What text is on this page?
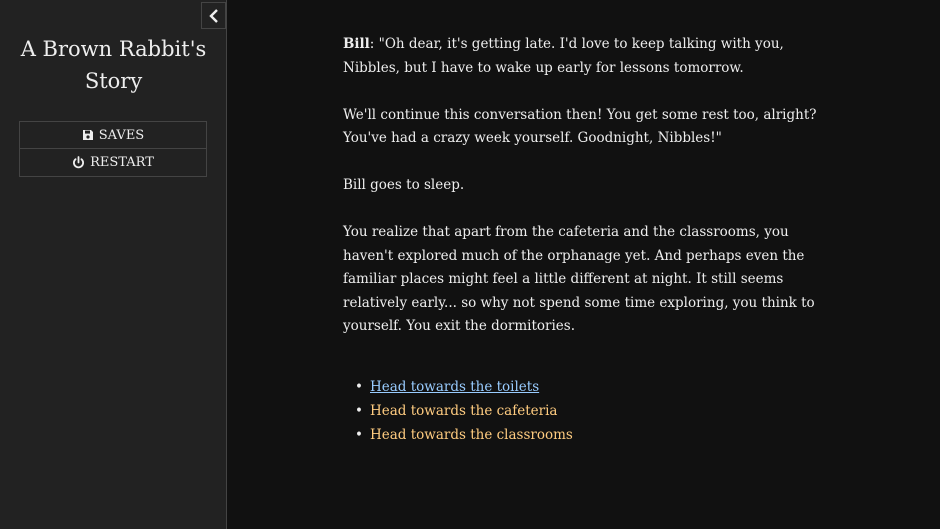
A Brown Rabbit's
Story
SAVES
RESTART

Bill: "Oh dear, it's getting late. I'd love to keep talking with you, Nibbles, but I have to wake up early for lessons tomorrow.

We'll continue this conversation then! You get some rest too, alright? You've had a crazy week yourself. Goodnight, Nibbles!"

Bill goes to sleep.

You realize that apart from the cafeteria and the classrooms, you haven't explored much of the orphanage yet. And perhaps even the familiar places might feel a little different at night. It still seems relatively early... so why not spend some time exploring, you think to yourself. You exit the dormitories.

• Head towards the toilets
• Head towards the cafeteria
• Head towards the classrooms
